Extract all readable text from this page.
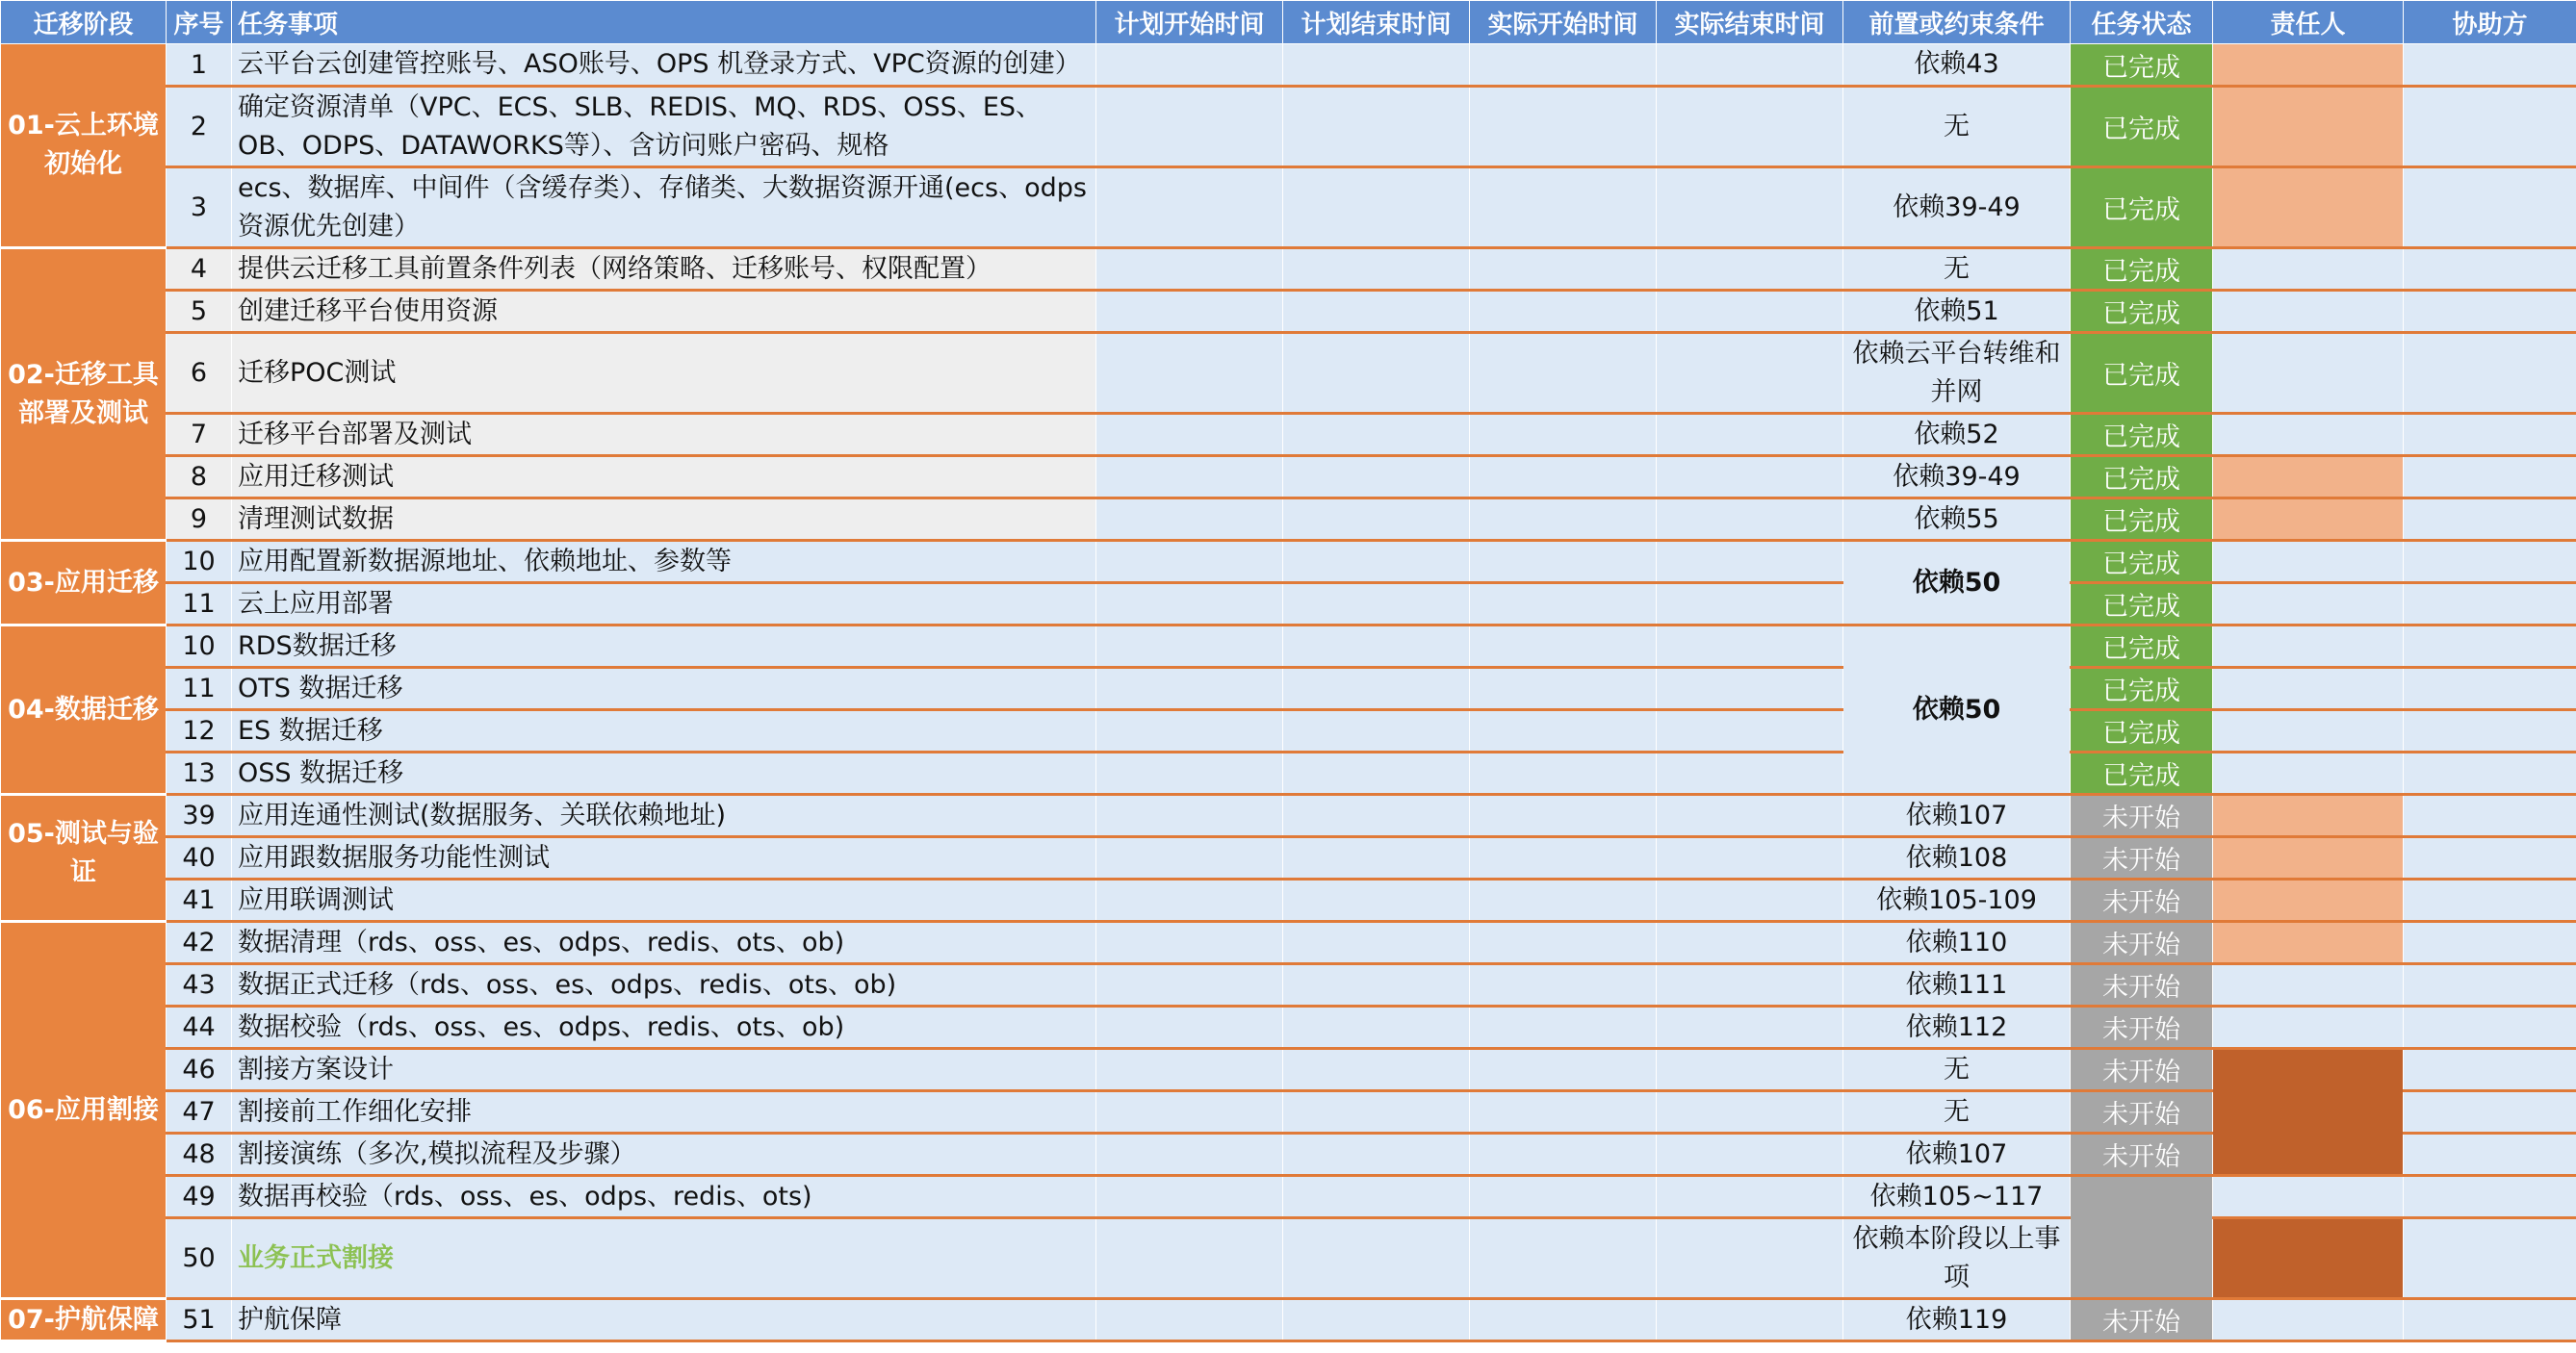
迁移阶段	序号	任务事项	计划开始时间	计划结束时间	实际开始时间	实际结束时间	前置或约束条件	任务状态	责任人	协助方
01-云上环境初始化	1	云平台云创建管控账号、ASO账号、OPS 机登录方式、VPC资源的创建）					依赖43	已完成		
	2	确定资源清单（VPC、ECS、SLB、REDIS、MQ、RDS、OSS、ES、OB、ODPS、DATAWORKS等）、含访问账户密码、规格					无	已完成		
	3	ecs、数据库、中间件（含缓存类）、存储类、大数据资源开通(ecs、odps 资源优先创建）					依赖39-49	已完成		
02-迁移工具部署及测试	4	提供云迁移工具前置条件列表（网络策略、迁移账号、权限配置）					无	已完成		
	5	创建迁移平台使用资源					依赖51	已完成		
	6	迁移POC测试					依赖云平台转维和并网	已完成		
	7	迁移平台部署及测试					依赖52	已完成		
	8	应用迁移测试					依赖39-49	已完成		
	9	清理测试数据					依赖55	已完成		
03-应用迁移	10	应用配置新数据源地址、依赖地址、参数等					依赖50	已完成		
	11	云上应用部署						已完成		
04-数据迁移	10	RDS数据迁移					依赖50	已完成		
	11	OTS 数据迁移						已完成		
	12	ES 数据迁移						已完成		
	13	OSS 数据迁移						已完成		
05-测试与验证	39	应用连通性测试(数据服务、关联依赖地址)					依赖107	未开始		
	40	应用跟数据服务功能性测试					依赖108	未开始		
	41	应用联调测试					依赖105-109	未开始		
06-应用割接	42	数据清理（rds、oss、es、odps、redis、ots、ob)					依赖110	未开始		
	43	数据正式迁移（rds、oss、es、odps、redis、ots、ob)					依赖111	未开始		
	44	数据校验（rds、oss、es、odps、redis、ots、ob)					依赖112	未开始		
	46	割接方案设计					无	未开始		
	47	割接前工作细化安排					无	未开始		
	48	割接演练（多次,模拟流程及步骤）					依赖107	未开始		
	49	数据再校验（rds、oss、es、odps、redis、ots)					依赖105~117			
	50	业务正式割接					依赖本阶段以上事项			
07-护航保障	51	护航保障					依赖119	未开始		
